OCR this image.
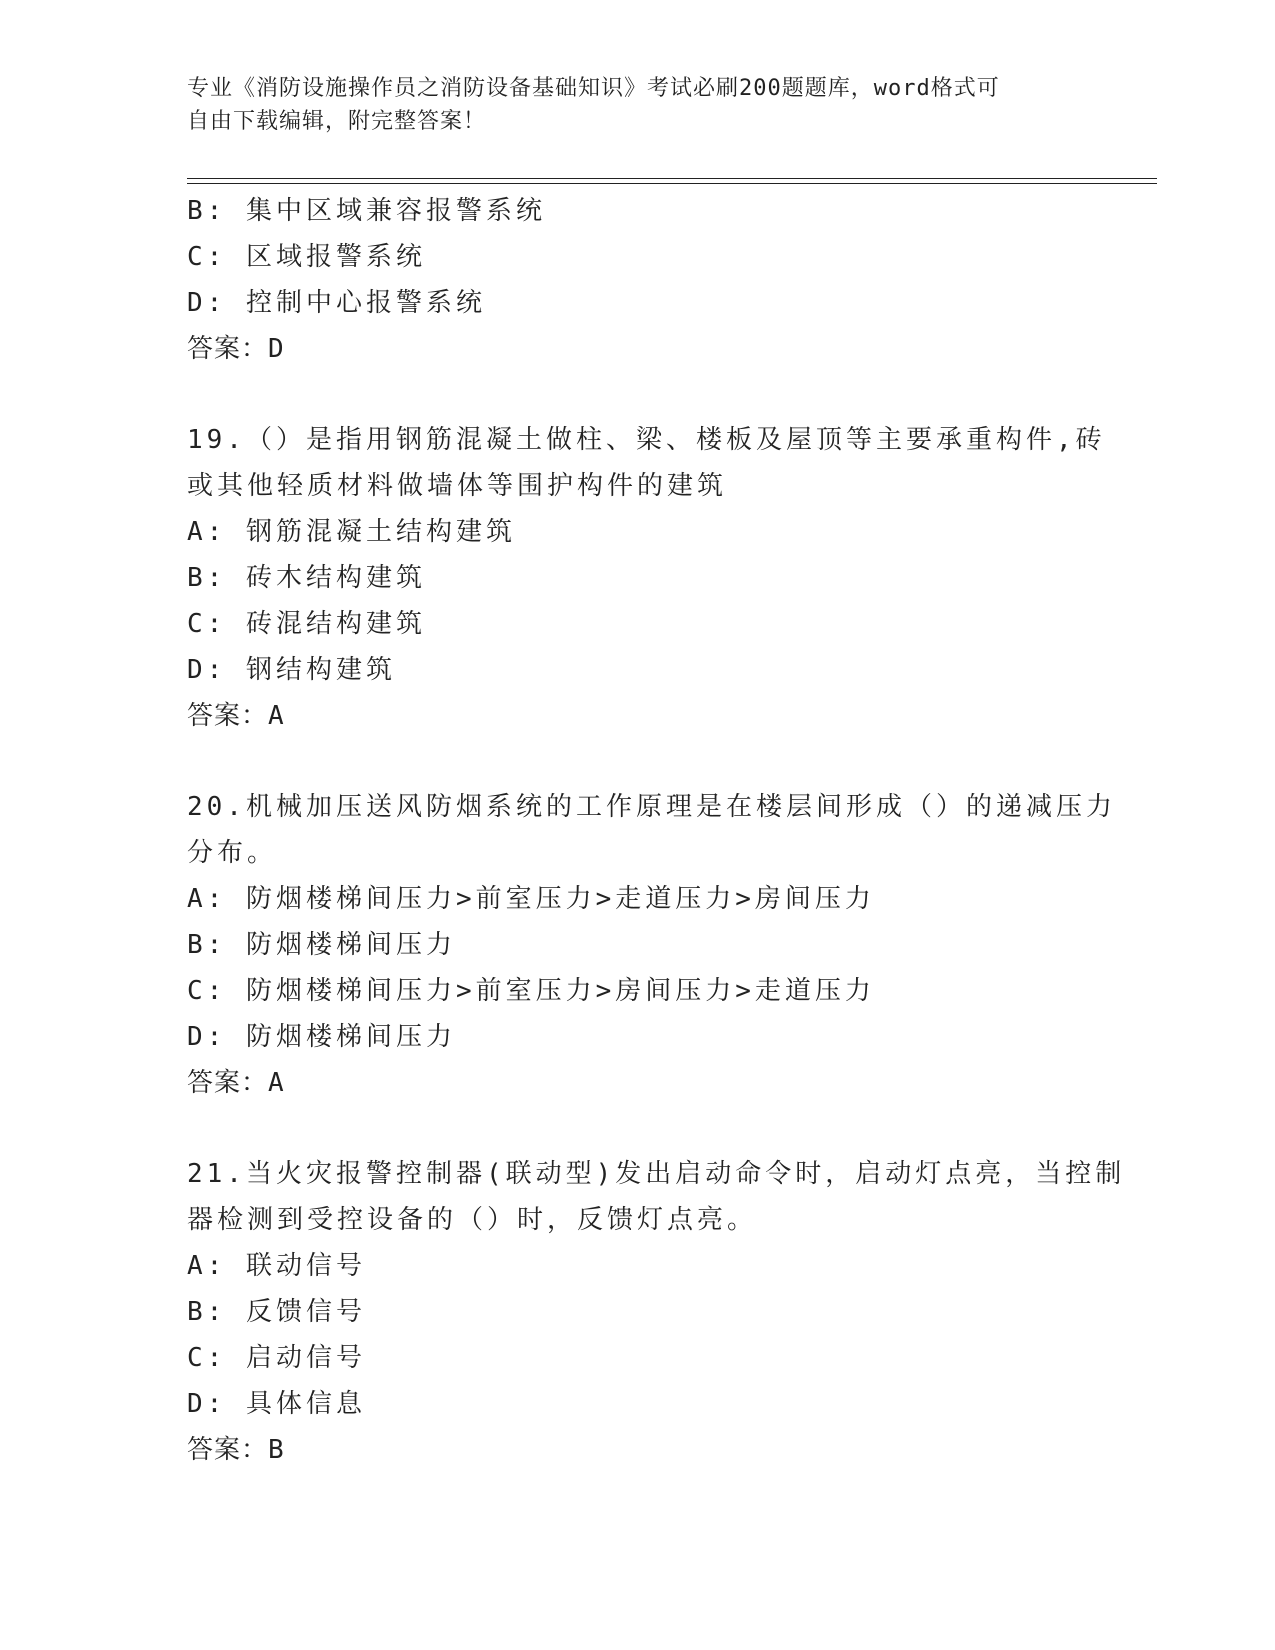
专业《消防设施操作员之消防设备基础知识》考试必刷200题题库，word格式可
自由下载编辑，附完整答案！
B: 集中区域兼容报警系统
C: 区域报警系统
D: 控制中心报警系统
答案：D
19.（）是指用钢筋混凝土做柱、梁、楼板及屋顶等主要承重构件,砖
或其他轻质材料做墙体等围护构件的建筑
A: 钢筋混凝土结构建筑
B: 砖木结构建筑
C: 砖混结构建筑
D: 钢结构建筑
答案：A
20.机械加压送风防烟系统的工作原理是在楼层间形成（）的递减压力
分布。
A: 防烟楼梯间压力>前室压力>走道压力>房间压力
B: 防烟楼梯间压力
C: 防烟楼梯间压力>前室压力>房间压力>走道压力
D: 防烟楼梯间压力
答案：A
21.当火灾报警控制器(联动型)发出启动命令时，启动灯点亮，当控制
器检测到受控设备的（）时，反馈灯点亮。
A: 联动信号
B: 反馈信号
C: 启动信号
D: 具体信息
答案：B
